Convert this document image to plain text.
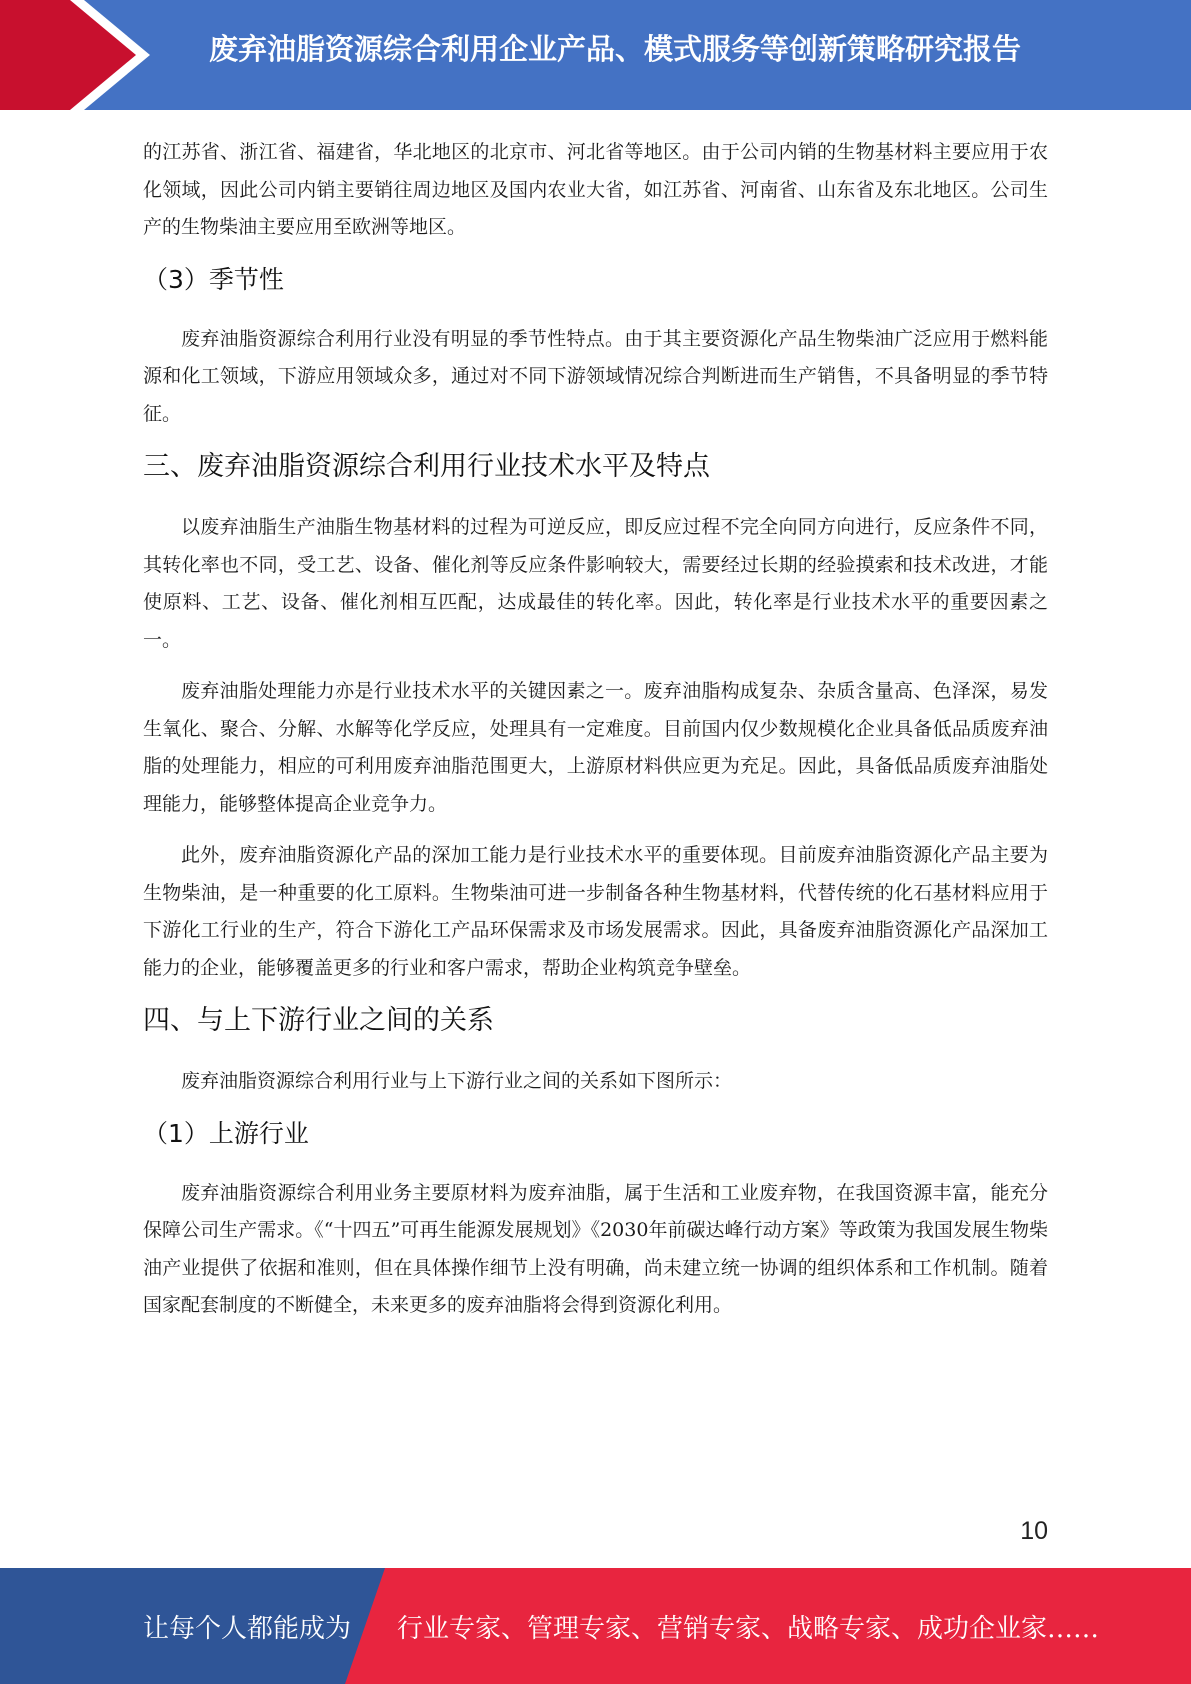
废弃油脂资源综合利用企业产品、模式服务等创新策略研究报告

的江苏省、浙江省、福建省，华北地区的北京市、河北省等地区。由于公司内销的生物基材料主要应用于农化领域，因此公司内销主要销往周边地区及国内农业大省，如江苏省、河南省、山东省及东北地区。公司生产的生物柴油主要应用至欧洲等地区。

（3）季节性

废弃油脂资源综合利用行业没有明显的季节性特点。由于其主要资源化产品生物柴油广泛应用于燃料能源和化工领域，下游应用领域众多，通过对不同下游领域情况综合判断进而生产销售，不具备明显的季节特征。

三、废弃油脂资源综合利用行业技术水平及特点

以废弃油脂生产油脂生物基材料的过程为可逆反应，即反应过程不完全向同方向进行，反应条件不同，其转化率也不同，受工艺、设备、催化剂等反应条件影响较大，需要经过长期的经验摸索和技术改进，才能使原料、工艺、设备、催化剂相互匹配，达成最佳的转化率。因此，转化率是行业技术水平的重要因素之一。

废弃油脂处理能力亦是行业技术水平的关键因素之一。废弃油脂构成复杂、杂质含量高、色泽深，易发生氧化、聚合、分解、水解等化学反应，处理具有一定难度。目前国内仅少数规模化企业具备低品质废弃油脂的处理能力，相应的可利用废弃油脂范围更大，上游原材料供应更为充足。因此，具备低品质废弃油脂处理能力，能够整体提高企业竞争力。

此外，废弃油脂资源化产品的深加工能力是行业技术水平的重要体现。目前废弃油脂资源化产品主要为生物柴油，是一种重要的化工原料。生物柴油可进一步制备各种生物基材料，代替传统的化石基材料应用于下游化工行业的生产，符合下游化工产品环保需求及市场发展需求。因此，具备废弃油脂资源化产品深加工能力的企业，能够覆盖更多的行业和客户需求，帮助企业构筑竞争壁垒。

四、与上下游行业之间的关系

废弃油脂资源综合利用行业与上下游行业之间的关系如下图所示：

（1）上游行业

废弃油脂资源综合利用业务主要原材料为废弃油脂，属于生活和工业废弃物，在我国资源丰富，能充分保障公司生产需求。《“十四五”可再生能源发展规划》《2030年前碳达峰行动方案》等政策为我国发展生物柴油产业提供了依据和准则，但在具体操作细节上没有明确，尚未建立统一协调的组织体系和工作机制。随着国家配套制度的不断健全，未来更多的废弃油脂将会得到资源化利用。

10
让每个人都能成为 行业专家、管理专家、营销专家、战略专家、成功企业家……
